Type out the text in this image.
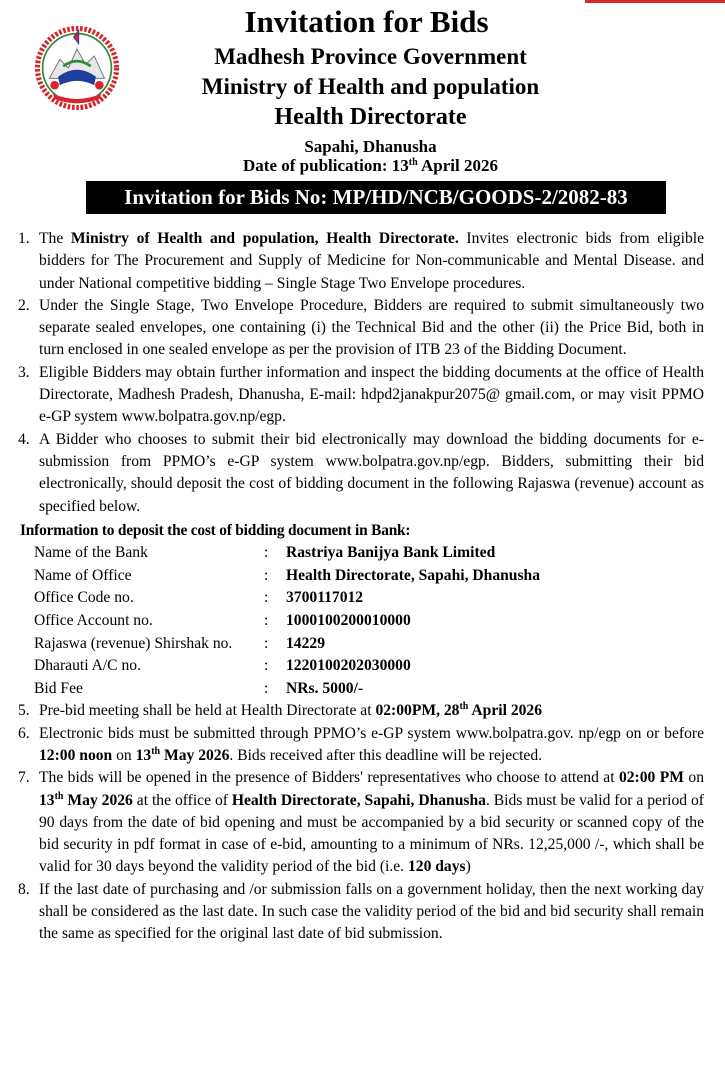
Invitation for Bids
Madhesh Province Government
Ministry of Health and population
Health Directorate
Sapahi, Dhanusha
Date of publication: 13th April 2026
Invitation for Bids No: MP/HD/NCB/GOODS-2/2082-83
1. The Ministry of Health and population, Health Directorate. Invites electronic bids from eligible bidders for The Procurement and Supply of Medicine for Non-communicable and Mental Disease. and under National competitive bidding – Single Stage Two Envelope procedures.
2. Under the Single Stage, Two Envelope Procedure, Bidders are required to submit simultaneously two separate sealed envelopes, one containing (i) the Technical Bid and the other (ii) the Price Bid, both in turn enclosed in one sealed envelope as per the provision of ITB 23 of the Bidding Document.
3. Eligible Bidders may obtain further information and inspect the bidding documents at the office of Health Directorate, Madhesh Pradesh, Dhanusha, E-mail: hdpd2janakpur2075@ gmail.com, or may visit PPMO e-GP system www.bolpatra.gov.np/egp.
4. A Bidder who chooses to submit their bid electronically may download the bidding documents for e-submission from PPMO’s e-GP system www.bolpatra.gov.np/egp. Bidders, submitting their bid electronically, should deposit the cost of bidding document in the following Rajaswa (revenue) account as specified below.
Information to deposit the cost of bidding document in Bank:
Name of the Bank	: Rastriya Banijya Bank Limited
Name of Office	: Health Directorate, Sapahi, Dhanusha
Office Code no.	: 3700117012
Office Account no.	: 1000100200010000
Rajaswa (revenue) Shirshak no. : 14229
Dharauti A/C no.	: 1220100202030000
Bid Fee	: NRs. 5000/-
5. Pre-bid meeting shall be held at Health Directorate at 02:00PM, 28th April 2026
6. Electronic bids must be submitted through PPMO’s e-GP system www.bolpatra.gov. np/egp on or before 12:00 noon on 13th May 2026. Bids received after this deadline will be rejected.
7. The bids will be opened in the presence of Bidders' representatives who choose to attend at 02:00 PM on 13th May 2026 at the office of Health Directorate, Sapahi, Dhanusha. Bids must be valid for a period of 90 days from the date of bid opening and must be accompanied by a bid security or scanned copy of the bid security in pdf format in case of e-bid, amounting to a minimum of NRs. 12,25,000 /-, which shall be valid for 30 days beyond the validity period of the bid (i.e. 120 days)
8. If the last date of purchasing and /or submission falls on a government holiday, then the next working day shall be considered as the last date. In such case the validity period of the bid and bid security shall remain the same as specified for the original last date of bid submission.
